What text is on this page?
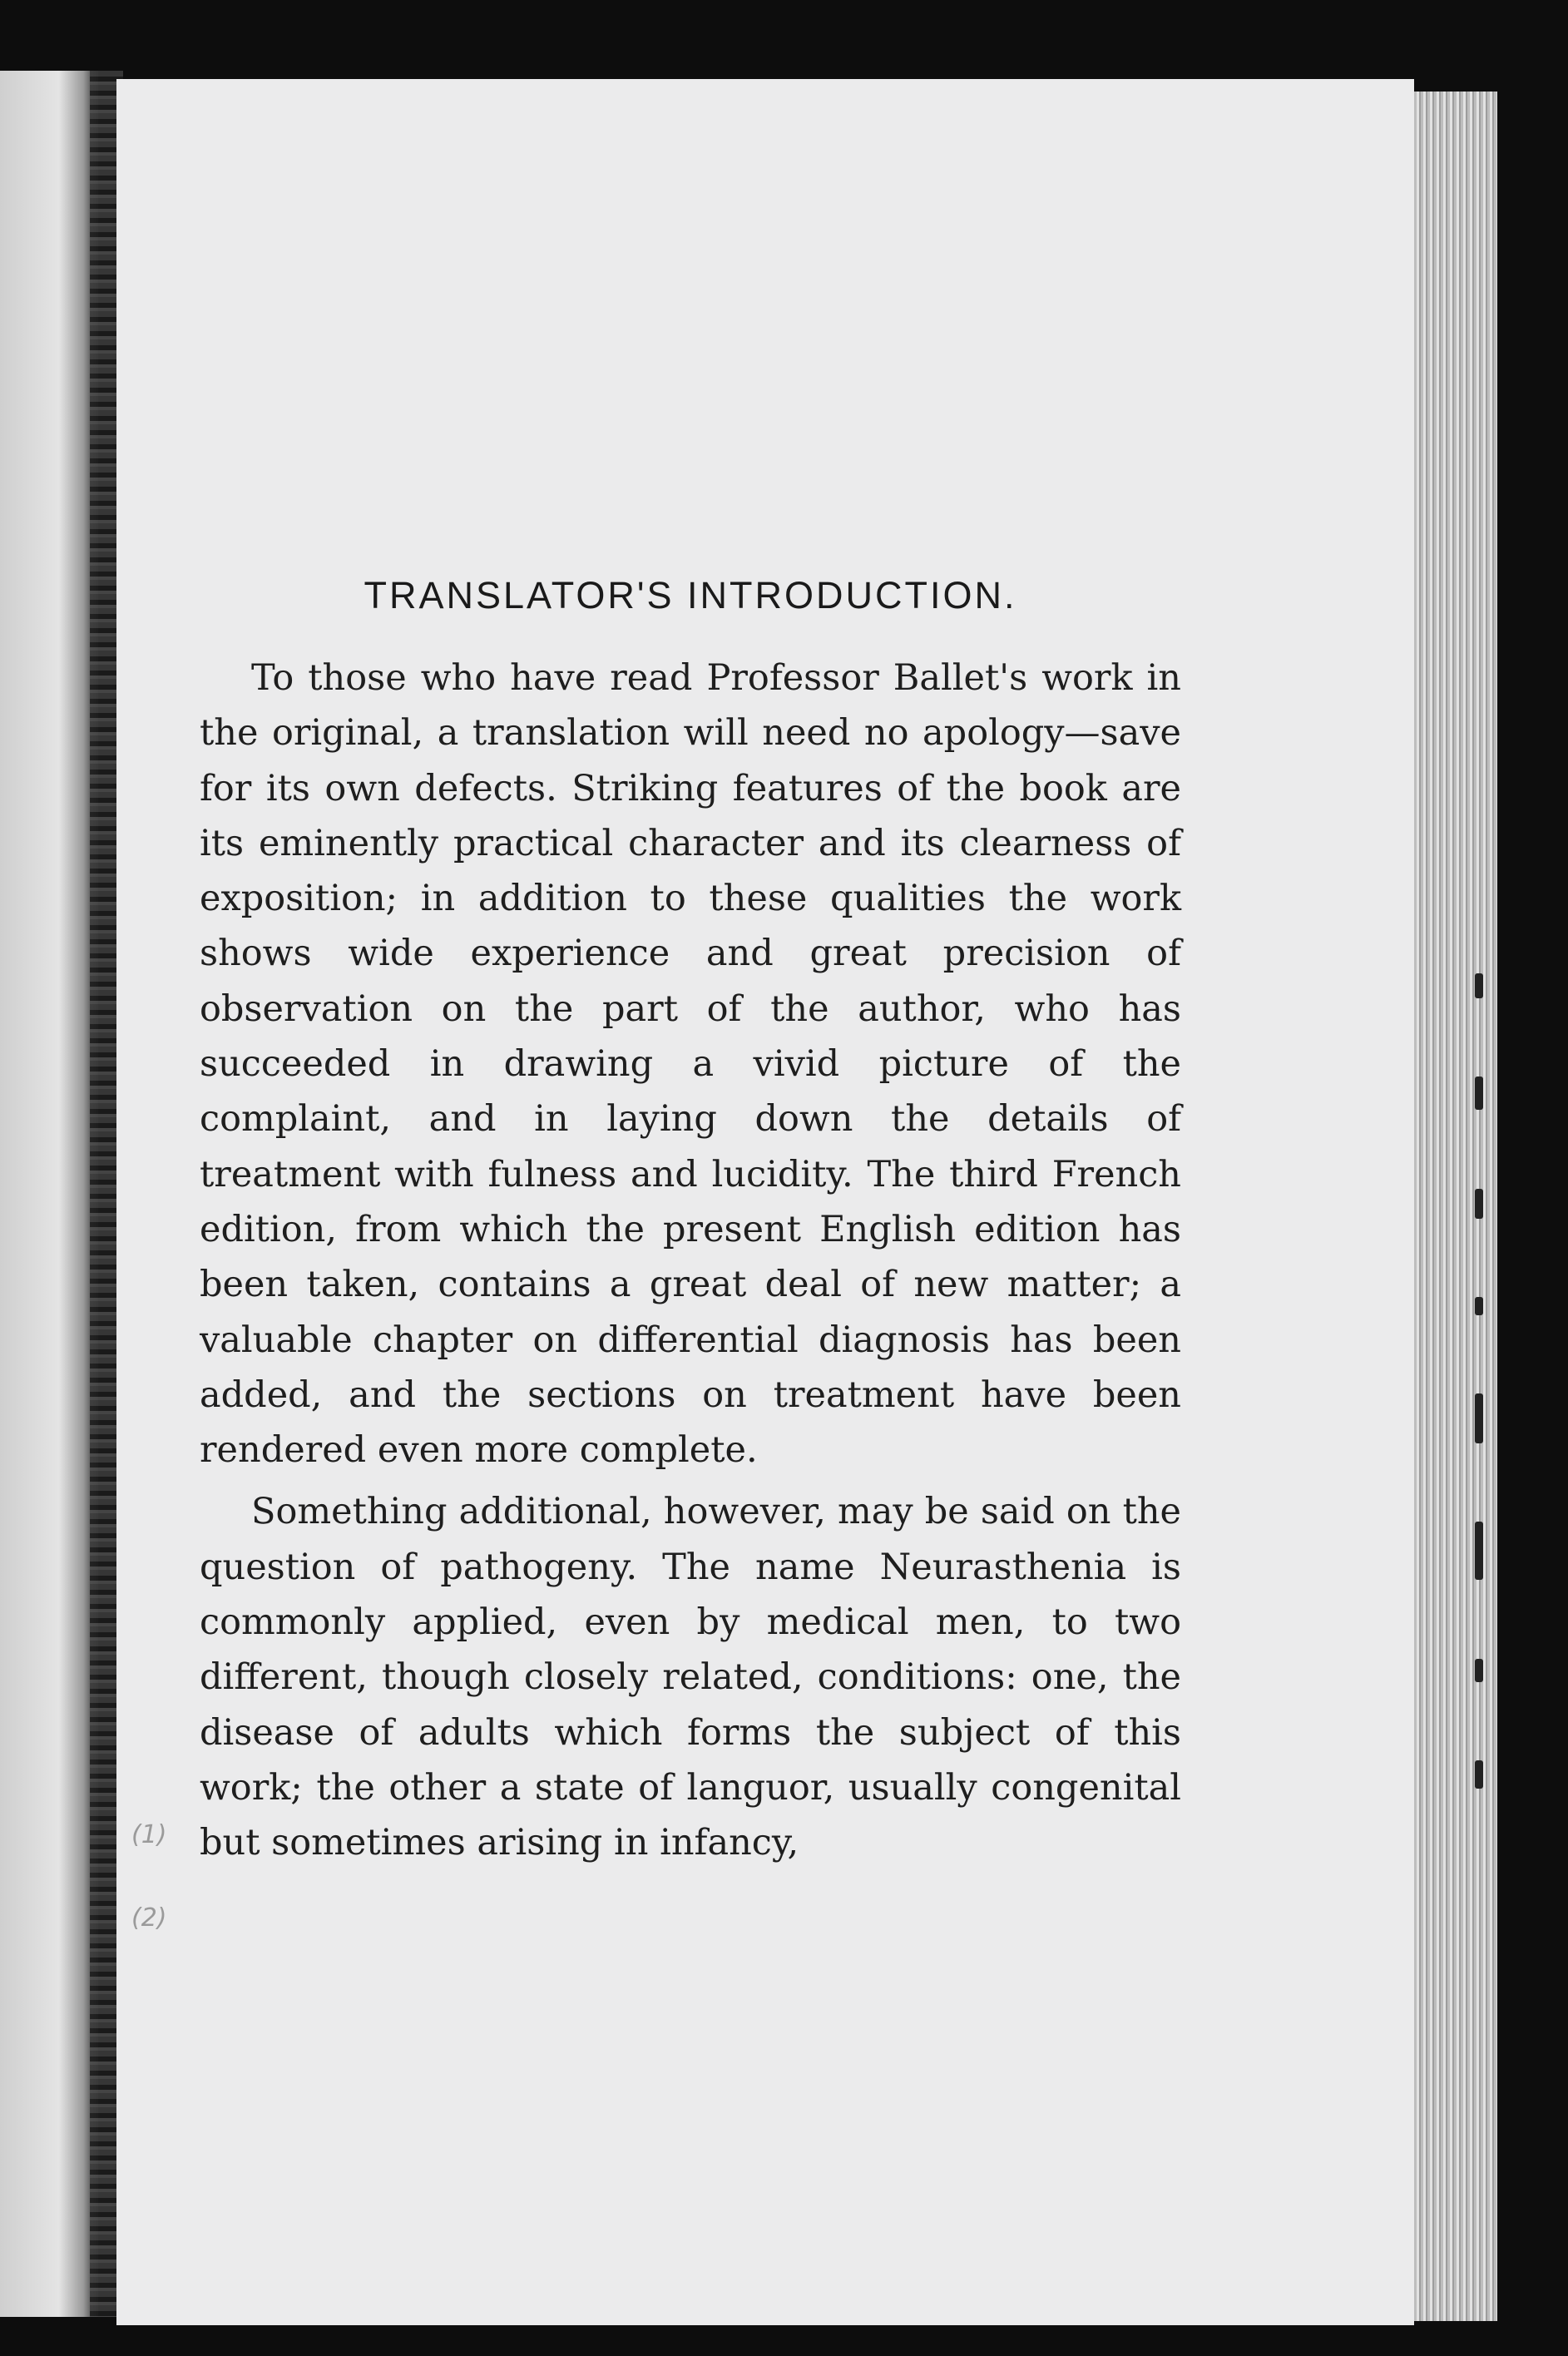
TRANSLATOR'S INTRODUCTION.

To those who have read Professor Ballet's work in the original, a translation will need no apology—save for its own defects. Striking features of the book are its eminently practical character and its clearness of exposition; in addition to these qualities the work shows wide experience and great precision of observation on the part of the author, who has succeeded in drawing a vivid picture of the complaint, and in laying down the details of treatment with fulness and lucidity. The third French edition, from which the present English edition has been taken, contains a great deal of new matter; a valuable chapter on differential diagnosis has been added, and the sections on treatment have been rendered even more complete.

Something additional, however, may be said on the question of pathogeny. The name Neurasthenia is commonly applied, even by medical men, to two different, though closely related, conditions: one, the disease of adults which forms the subject of this work; the other a state of languor, usually congenital but sometimes arising in infancy,

(1)
(2)
